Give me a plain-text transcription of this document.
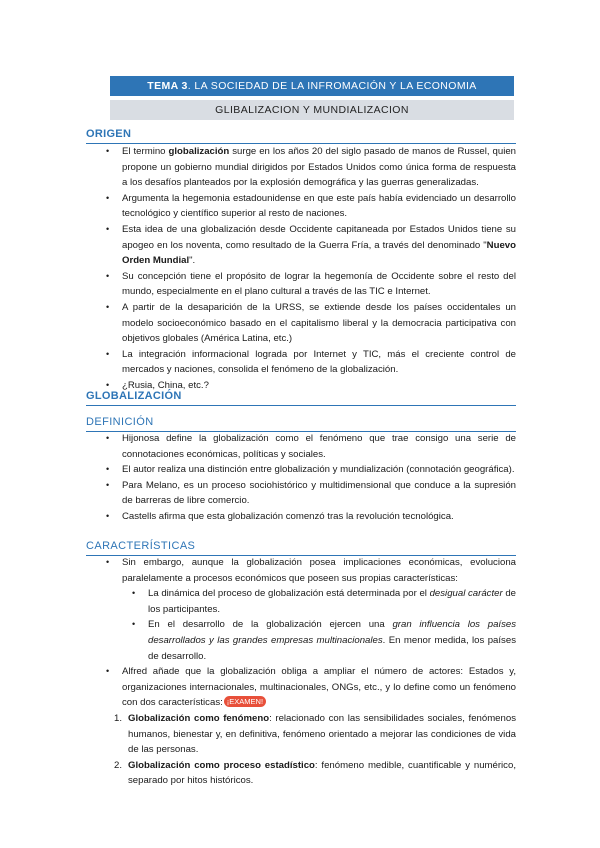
TEMA 3 . LA SOCIEDAD DE LA INFROMACIÓN Y LA ECONOMIA
GLIBALIZACION Y MUNDIALIZACION
ORIGEN
• El termino globalización surge en los años 20 del siglo pasado de manos de Russel, quien propone un gobierno mundial dirigidos por Estados Unidos como única forma de respuesta a los desafíos planteados por la explosión demográfica y las guerras generalizadas.
• Argumenta la hegemonia estadounidense en que este país había evidenciado un desarrollo tecnológico y científico superior al resto de naciones.
• Esta idea de una globalización desde Occidente capitaneada por Estados Unidos tiene su apogeo en los noventa, como resultado de la Guerra Fría, a través del denominado "Nuevo Orden Mundial".
• Su concepción tiene el propósito de lograr la hegemonía de Occidente sobre el resto del mundo, especialmente en el plano cultural a través de las TIC e Internet.
• A partir de la desaparición de la URSS, se extiende desde los países occidentales un modelo socioeconómico basado en el capitalismo liberal y la democracia participativa con objetivos globales (América Latina, etc.)
• La integración informacional lograda por Internet y TIC, más el creciente control de mercados y naciones, consolida el fenómeno de la globalización.
• ¿Rusia, China, etc.?
GLOBALIZACIÓN
DEFINICIÓN
• Hijonosa define la globalización como el fenómeno que trae consigo una serie de connotaciones económicas, políticas y sociales.
• El autor realiza una distinción entre globalización y mundialización (connotación geográfica).
• Para Melano, es un proceso sociohistórico y multidimensional que conduce a la supresión de barreras de libre comercio.
• Castells afirma que esta globalización comenzó tras la revolución tecnológica.
CARACTERÍSTICAS
• Sin embargo, aunque la globalización posea implicaciones económicas, evoluciona paralelamente a procesos económicos que poseen sus propias características:
• La dinámica del proceso de globalización está determinada por el desigual carácter de los participantes.
• En el desarrollo de la globalización ejercen una gran influencia los países desarrollados y las grandes empresas multinacionales. En menor medida, los países de desarrollo.
• Alfred añade que la globalización obliga a ampliar el número de actores: Estados y, organizaciones internacionales, multinacionales, ONGs, etc., y lo define como un fenómeno con dos características: ¡EXAMEN!
1. Globalización como fenómeno: relacionado con las sensibilidades sociales, fenómenos humanos, bienestar y, en definitiva, fenómeno orientado a mejorar las condiciones de vida de las personas.
2. Globalización como proceso estadístico: fenómeno medible, cuantificable y numérico, separado por hitos históricos.
